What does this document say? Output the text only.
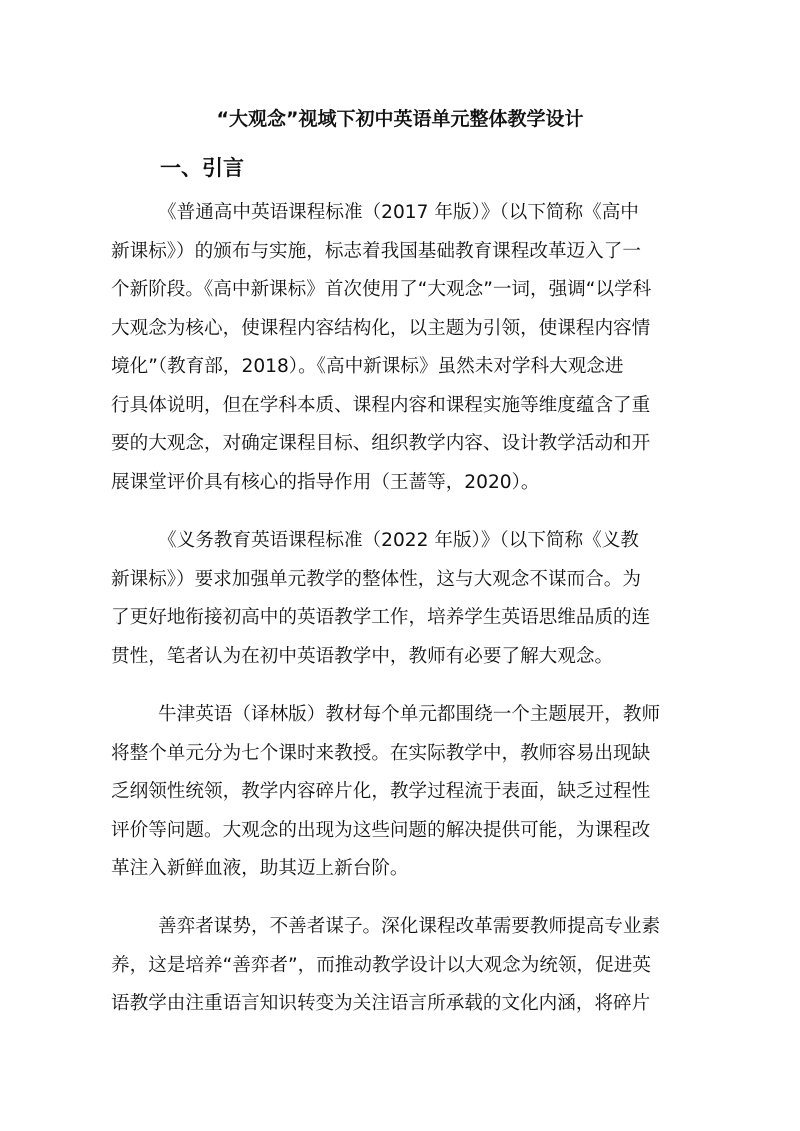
“大观念”视域下初中英语单元整体教学设计
一、引言
《普通高中英语课程标准（2017 年版）》（以下简称《高中
新课标》）的颁布与实施，标志着我国基础教育课程改革迈入了一
个新阶段。《高中新课标》首次使用了“大观念”一词，强调“以学科
大观念为核心，使课程内容结构化，以主题为引领，使课程内容情
境化”（教育部，2018）。《高中新课标》虽然未对学科大观念进
行具体说明，但在学科本质、课程内容和课程实施等维度蕴含了重
要的大观念，对确定课程目标、组织教学内容、设计教学活动和开
展课堂评价具有核心的指导作用（王蔷等，2020）。
《义务教育英语课程标准（2022 年版）》（以下简称《义教
新课标》）要求加强单元教学的整体性，这与大观念不谋而合。为
了更好地衔接初高中的英语教学工作，培养学生英语思维品质的连
贯性，笔者认为在初中英语教学中，教师有必要了解大观念。
牛津英语（译林版）教材每个单元都围绕一个主题展开，教师
将整个单元分为七个课时来教授。在实际教学中，教师容易出现缺
乏纲领性统领，教学内容碎片化，教学过程流于表面，缺乏过程性
评价等问题。大观念的出现为这些问题的解决提供可能，为课程改
革注入新鲜血液，助其迈上新台阶。
善弈者谋势，不善者谋子。深化课程改革需要教师提高专业素
养，这是培养“善弈者”，而推动教学设计以大观念为统领，促进英
语教学由注重语言知识转变为关注语言所承载的文化内涵，将碎片
